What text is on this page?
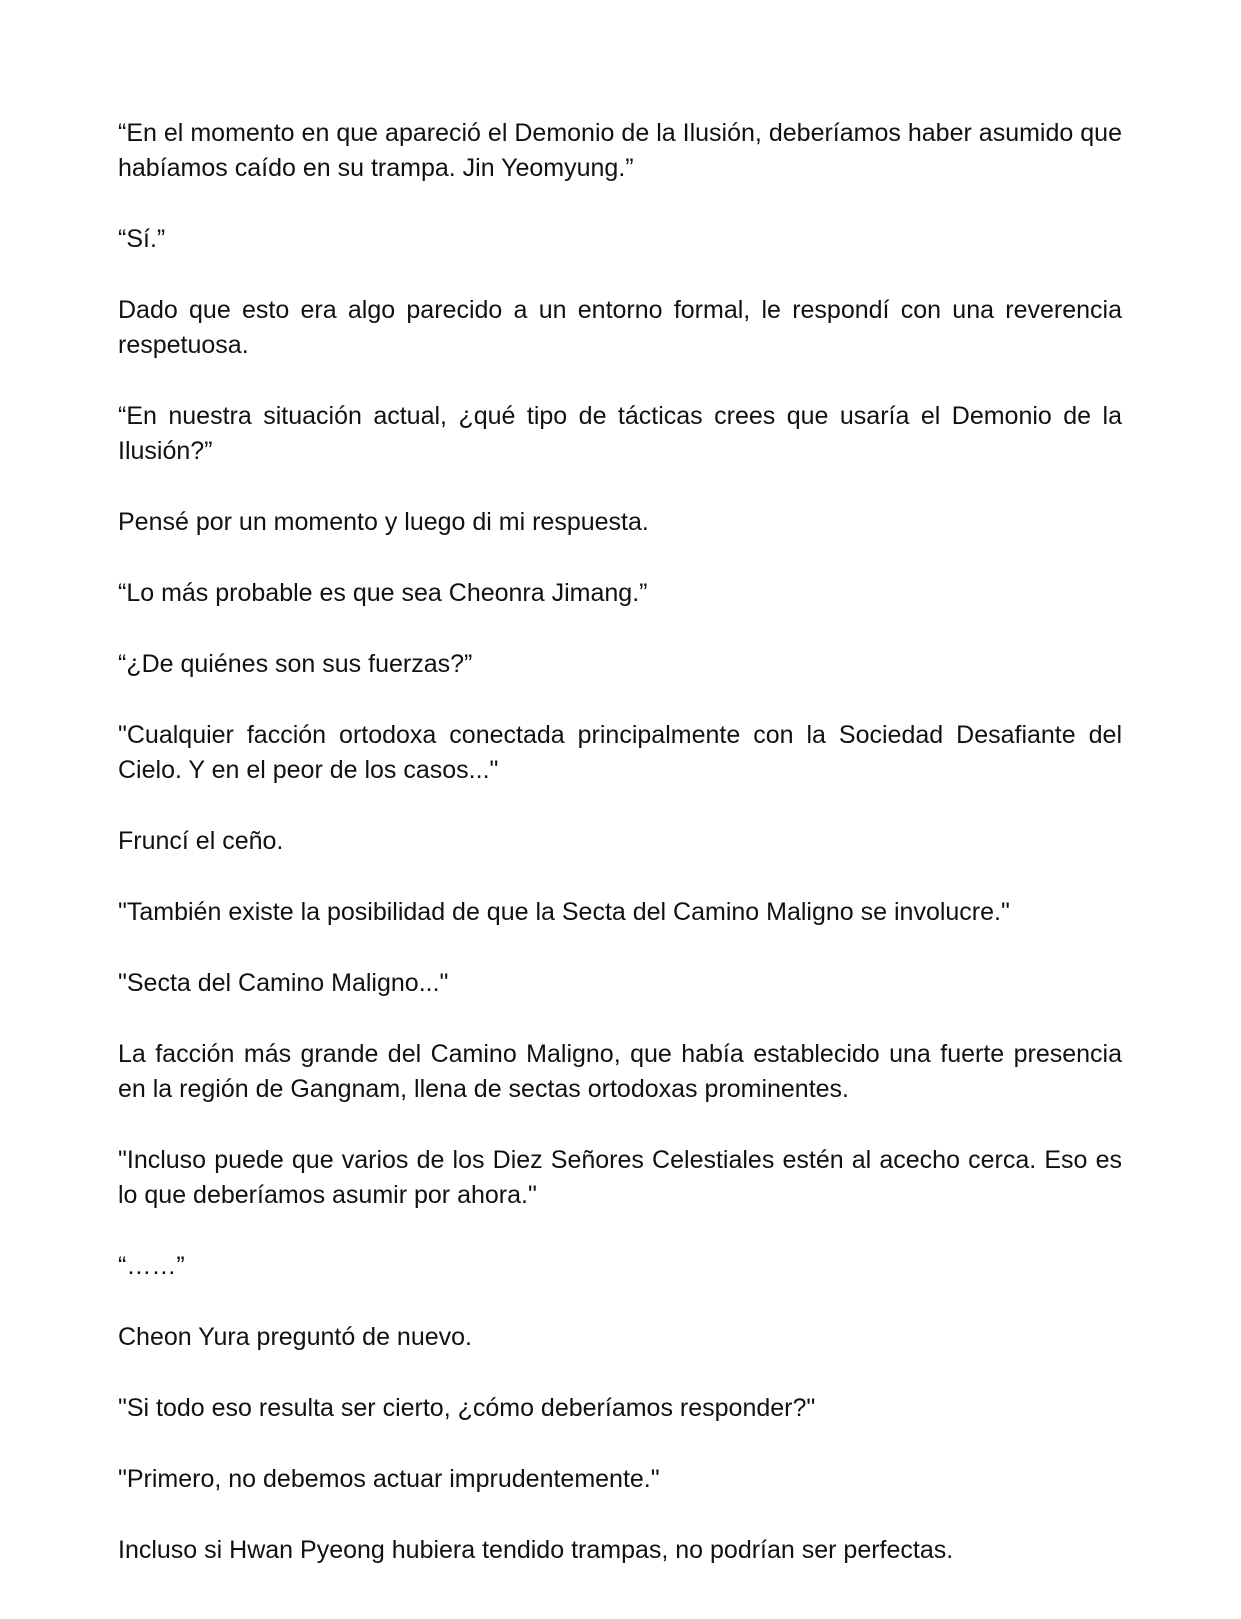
“En el momento en que apareció el Demonio de la Ilusión, deberíamos haber asumido que habíamos caído en su trampa. Jin Yeomyung.”

“Sí.”

Dado que esto era algo parecido a un entorno formal, le respondí con una reverencia respetuosa.

“En nuestra situación actual, ¿qué tipo de tácticas crees que usaría el Demonio de la Ilusión?”

Pensé por un momento y luego di mi respuesta.

“Lo más probable es que sea Cheonra Jimang.”

“¿De quiénes son sus fuerzas?”

"Cualquier facción ortodoxa conectada principalmente con la Sociedad Desafiante del Cielo. Y en el peor de los casos..."

Fruncí el ceño.

"También existe la posibilidad de que la Secta del Camino Maligno se involucre."

"Secta del Camino Maligno..."

La facción más grande del Camino Maligno, que había establecido una fuerte presencia en la región de Gangnam, llena de sectas ortodoxas prominentes.

"Incluso puede que varios de los Diez Señores Celestiales estén al acecho cerca. Eso es lo que deberíamos asumir por ahora."

“……”

Cheon Yura preguntó de nuevo.

"Si todo eso resulta ser cierto, ¿cómo deberíamos responder?"

"Primero, no debemos actuar imprudentemente."

Incluso si Hwan Pyeong hubiera tendido trampas, no podrían ser perfectas.
